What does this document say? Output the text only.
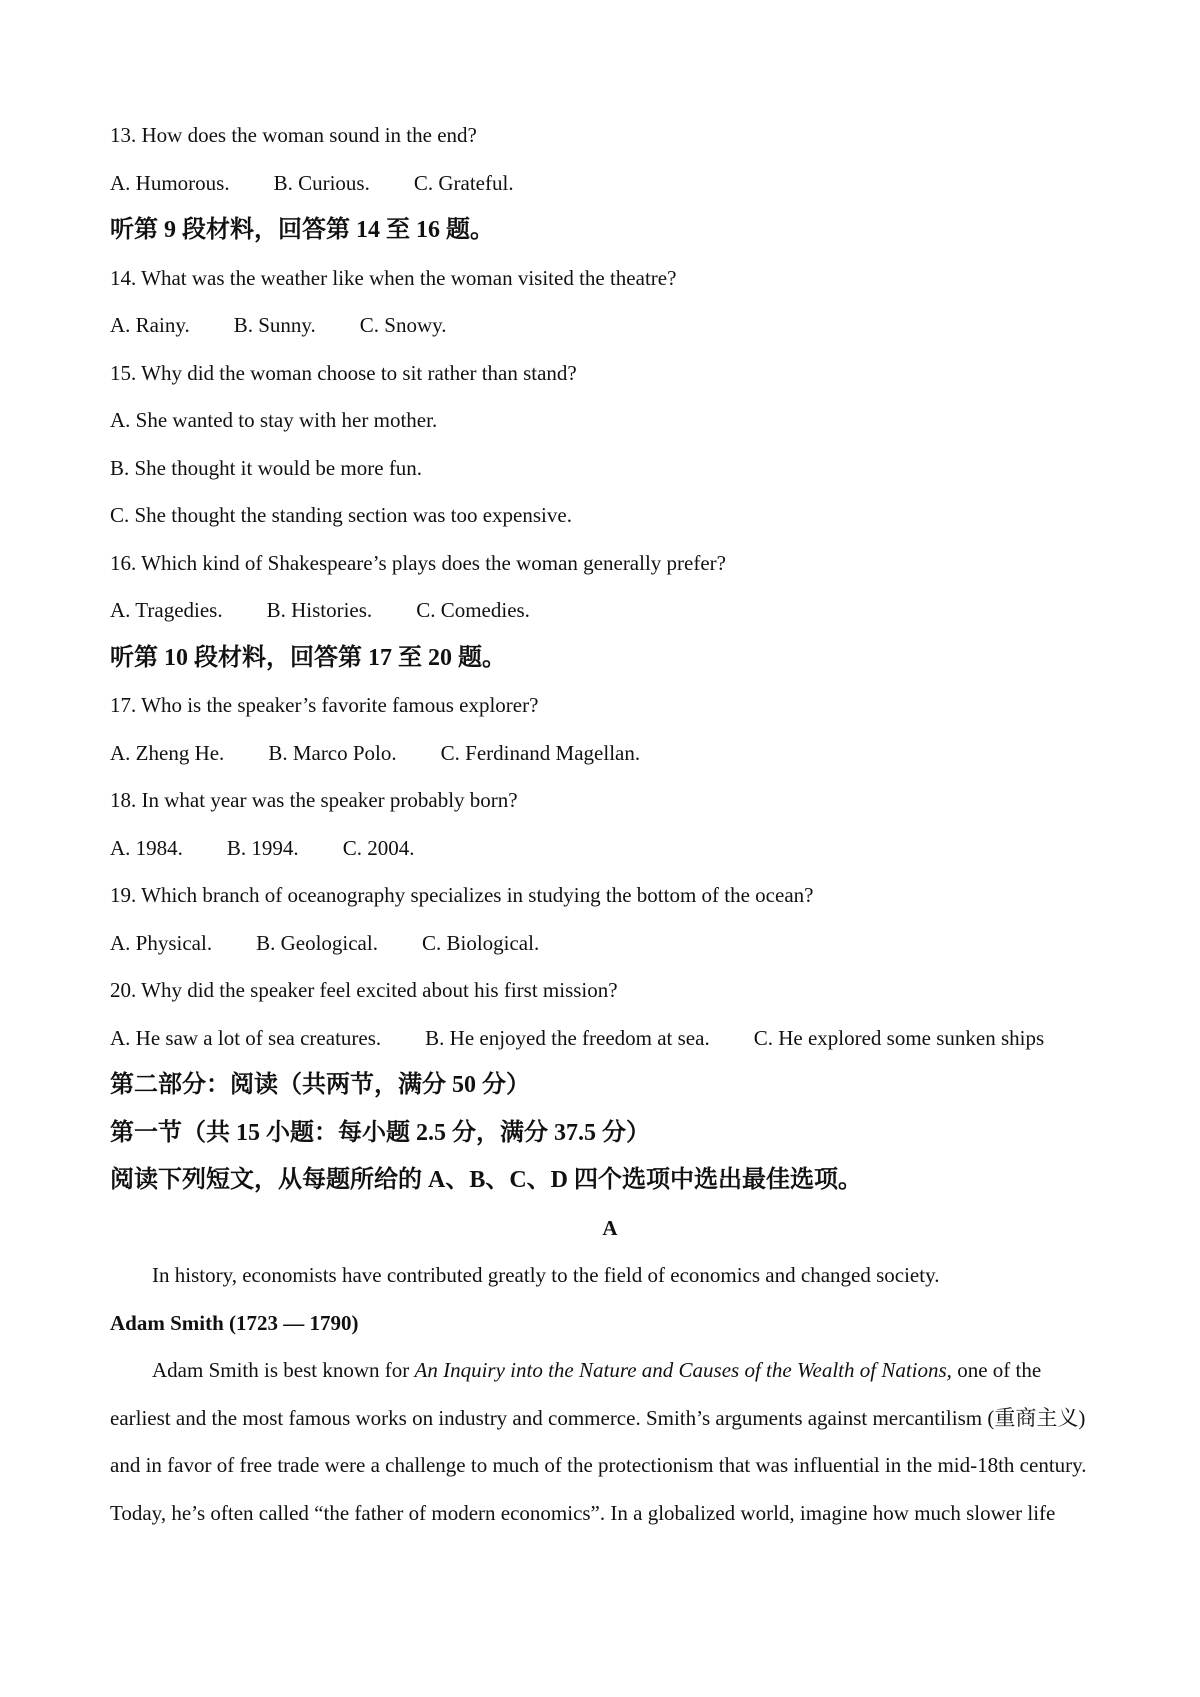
13. How does the woman sound in the end?
A. Humorous. B. Curious. C. Grateful.
听第 9 段材料，回答第 14 至 16 题。
14. What was the weather like when the woman visited the theatre?
A. Rainy. B. Sunny. C. Snowy.
15. Why did the woman choose to sit rather than stand?
A. She wanted to stay with her mother.
B. She thought it would be more fun.
C. She thought the standing section was too expensive.
16. Which kind of Shakespeare’s plays does the woman generally prefer?
A. Tragedies. B. Histories. C. Comedies.
听第 10 段材料，回答第 17 至 20 题。
17. Who is the speaker’s favorite famous explorer?
A. Zheng He. B. Marco Polo. C. Ferdinand Magellan.
18. In what year was the speaker probably born?
A. 1984. B. 1994. C. 2004.
19. Which branch of oceanography specializes in studying the bottom of the ocean?
A. Physical. B. Geological. C. Biological.
20. Why did the speaker feel excited about his first mission?
A. He saw a lot of sea creatures. B. He enjoyed the freedom at sea. C. He explored some sunken ships
第二部分：阅读（共两节，满分 50 分）
第一节（共 15 小题：每小题 2.5 分，满分 37.5 分）
阅读下列短文，从每题所给的 A、B、C、D 四个选项中选出最佳选项。
A
In history, economists have contributed greatly to the field of economics and changed society.
Adam Smith (1723 — 1790)
Adam Smith is best known for An Inquiry into the Nature and Causes of the Wealth of Nations, one of the
earliest and the most famous works on industry and commerce. Smith’s arguments against mercantilism (重商主义)
and in favor of free trade were a challenge to much of the protectionism that was influential in the mid-18th century.
Today, he’s often called “the father of modern economics”. In a globalized world, imagine how much slower life
